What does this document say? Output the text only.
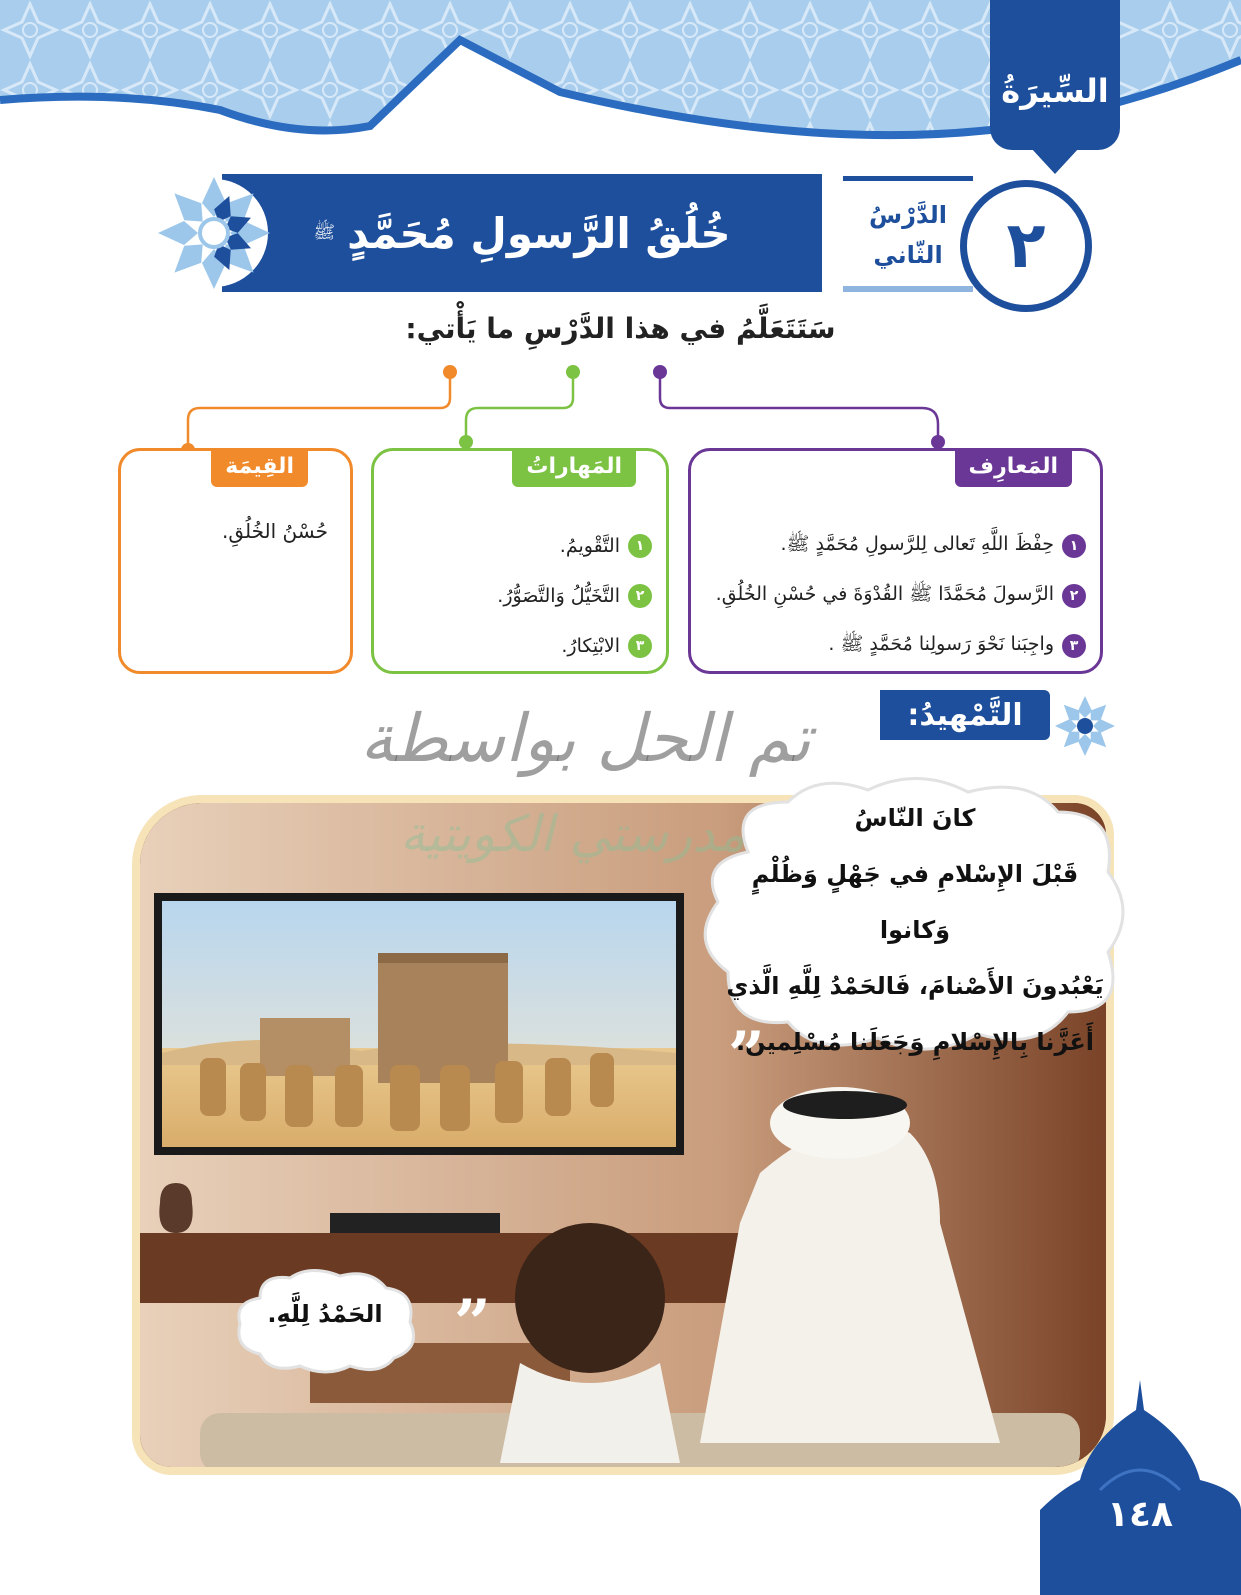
السِّيرَةُ
الدَّرْسُ
الثّاني ٢
خُلُقُ الرَّسولِ مُحَمَّدٍ
ﷺ
سَتَتَعَلَّمُ في هذا الدَّرْسِ ما يَأْتي:
المَعارِف
١
حِفْظَ اللَّهِ تَعالى لِلرَّسولِ مُحَمَّدٍ ﷺ.
٢
الرَّسولَ مُحَمَّدًا ﷺ القُدْوَةَ في حُسْنِ الخُلُقِ.
٣
واجِبَنا نَحْوَ رَسولِنا مُحَمَّدٍ ﷺ .
المَهاراتُ
١
التَّقْويمُ.
٢
التَّخَيُّلُ وَالتَّصَوُّرُ.
٣
الابْتِكارُ.
القِيمَة
حُسْنُ الخُلُقِ.
التَّمْهيدُ:
كانَ النّاسُ
قَبْلَ الإِسْلامِ في جَهْلٍ وَظُلْمٍ وَكانوا
يَعْبُدونَ الأَصْنامَ، فَالحَمْدُ لِلَّهِ الَّذي
أَعَزَّنا بِالإِسْلامِ وَجَعَلَنا مُسْلِمينَ.
”
الحَمْدُ لِلَّهِ.	”
تم الحل بواسطة
مدرستي الكويتية
١٤٨
